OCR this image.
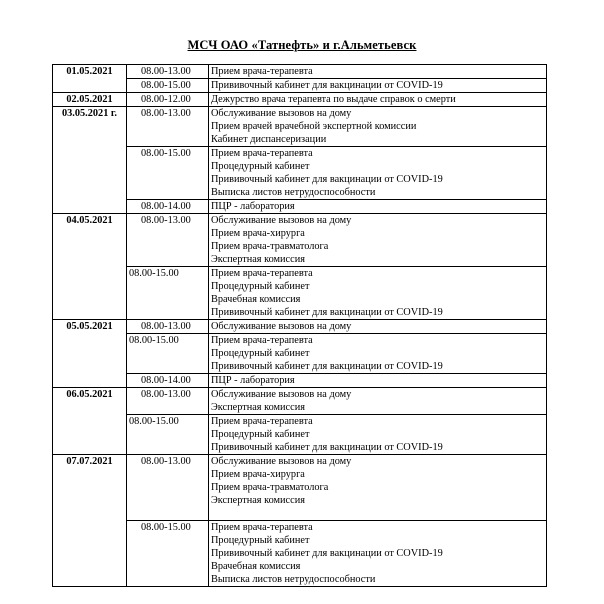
МСЧ ОАО «Татнефть» и г.Альметьевск
01.05.2021	08.00-13.00	Прием врача-терапевта

	08.00-15.00	Прививочный кабинет для вакцинации от COVID-19

02.05.2021	08.00-12.00	Дежурство врача терапевта по выдаче справок о смерти

03.05.2021 г.	08.00-13.00	Обслуживание вызовов на дому
Прием врачей врачебной экспертной комиссии
Кабинет диспансеризации

	08.00-15.00	Прием врача-терапевта
Процедурный кабинет
Прививочный кабинет для вакцинации от COVID-19
Выписка листов нетрудоспособности

	08.00-14.00	ПЦР - лаборатория

04.05.2021	08.00-13.00	Обслуживание вызовов на дому
Прием врача-хирурга
Прием врача-травматолога
Экспертная комиссия

	08.00-15.00	Прием врача-терапевта
Процедурный кабинет
Врачебная комиссия
Прививочный кабинет для вакцинации от COVID-19

05.05.2021	08.00-13.00	Обслуживание вызовов на дому

	08.00-15.00	Прием врача-терапевта
Процедурный кабинет
Прививочный кабинет для вакцинации от COVID-19

	08.00-14.00	ПЦР - лаборатория

06.05.2021	08.00-13.00	Обслуживание вызовов на дому
Экспертная комиссия

	08.00-15.00	Прием врача-терапевта
Процедурный кабинет
Прививочный кабинет для вакцинации от COVID-19

07.07.2021	08.00-13.00	Обслуживание вызовов на дому
Прием врача-хирурга
Прием врача-травматолога
Экспертная комиссия

	08.00-15.00	Прием врача-терапевта
Процедурный кабинет
Прививочный кабинет для вакцинации от COVID-19
Врачебная комиссия
Выписка листов нетрудоспособности
